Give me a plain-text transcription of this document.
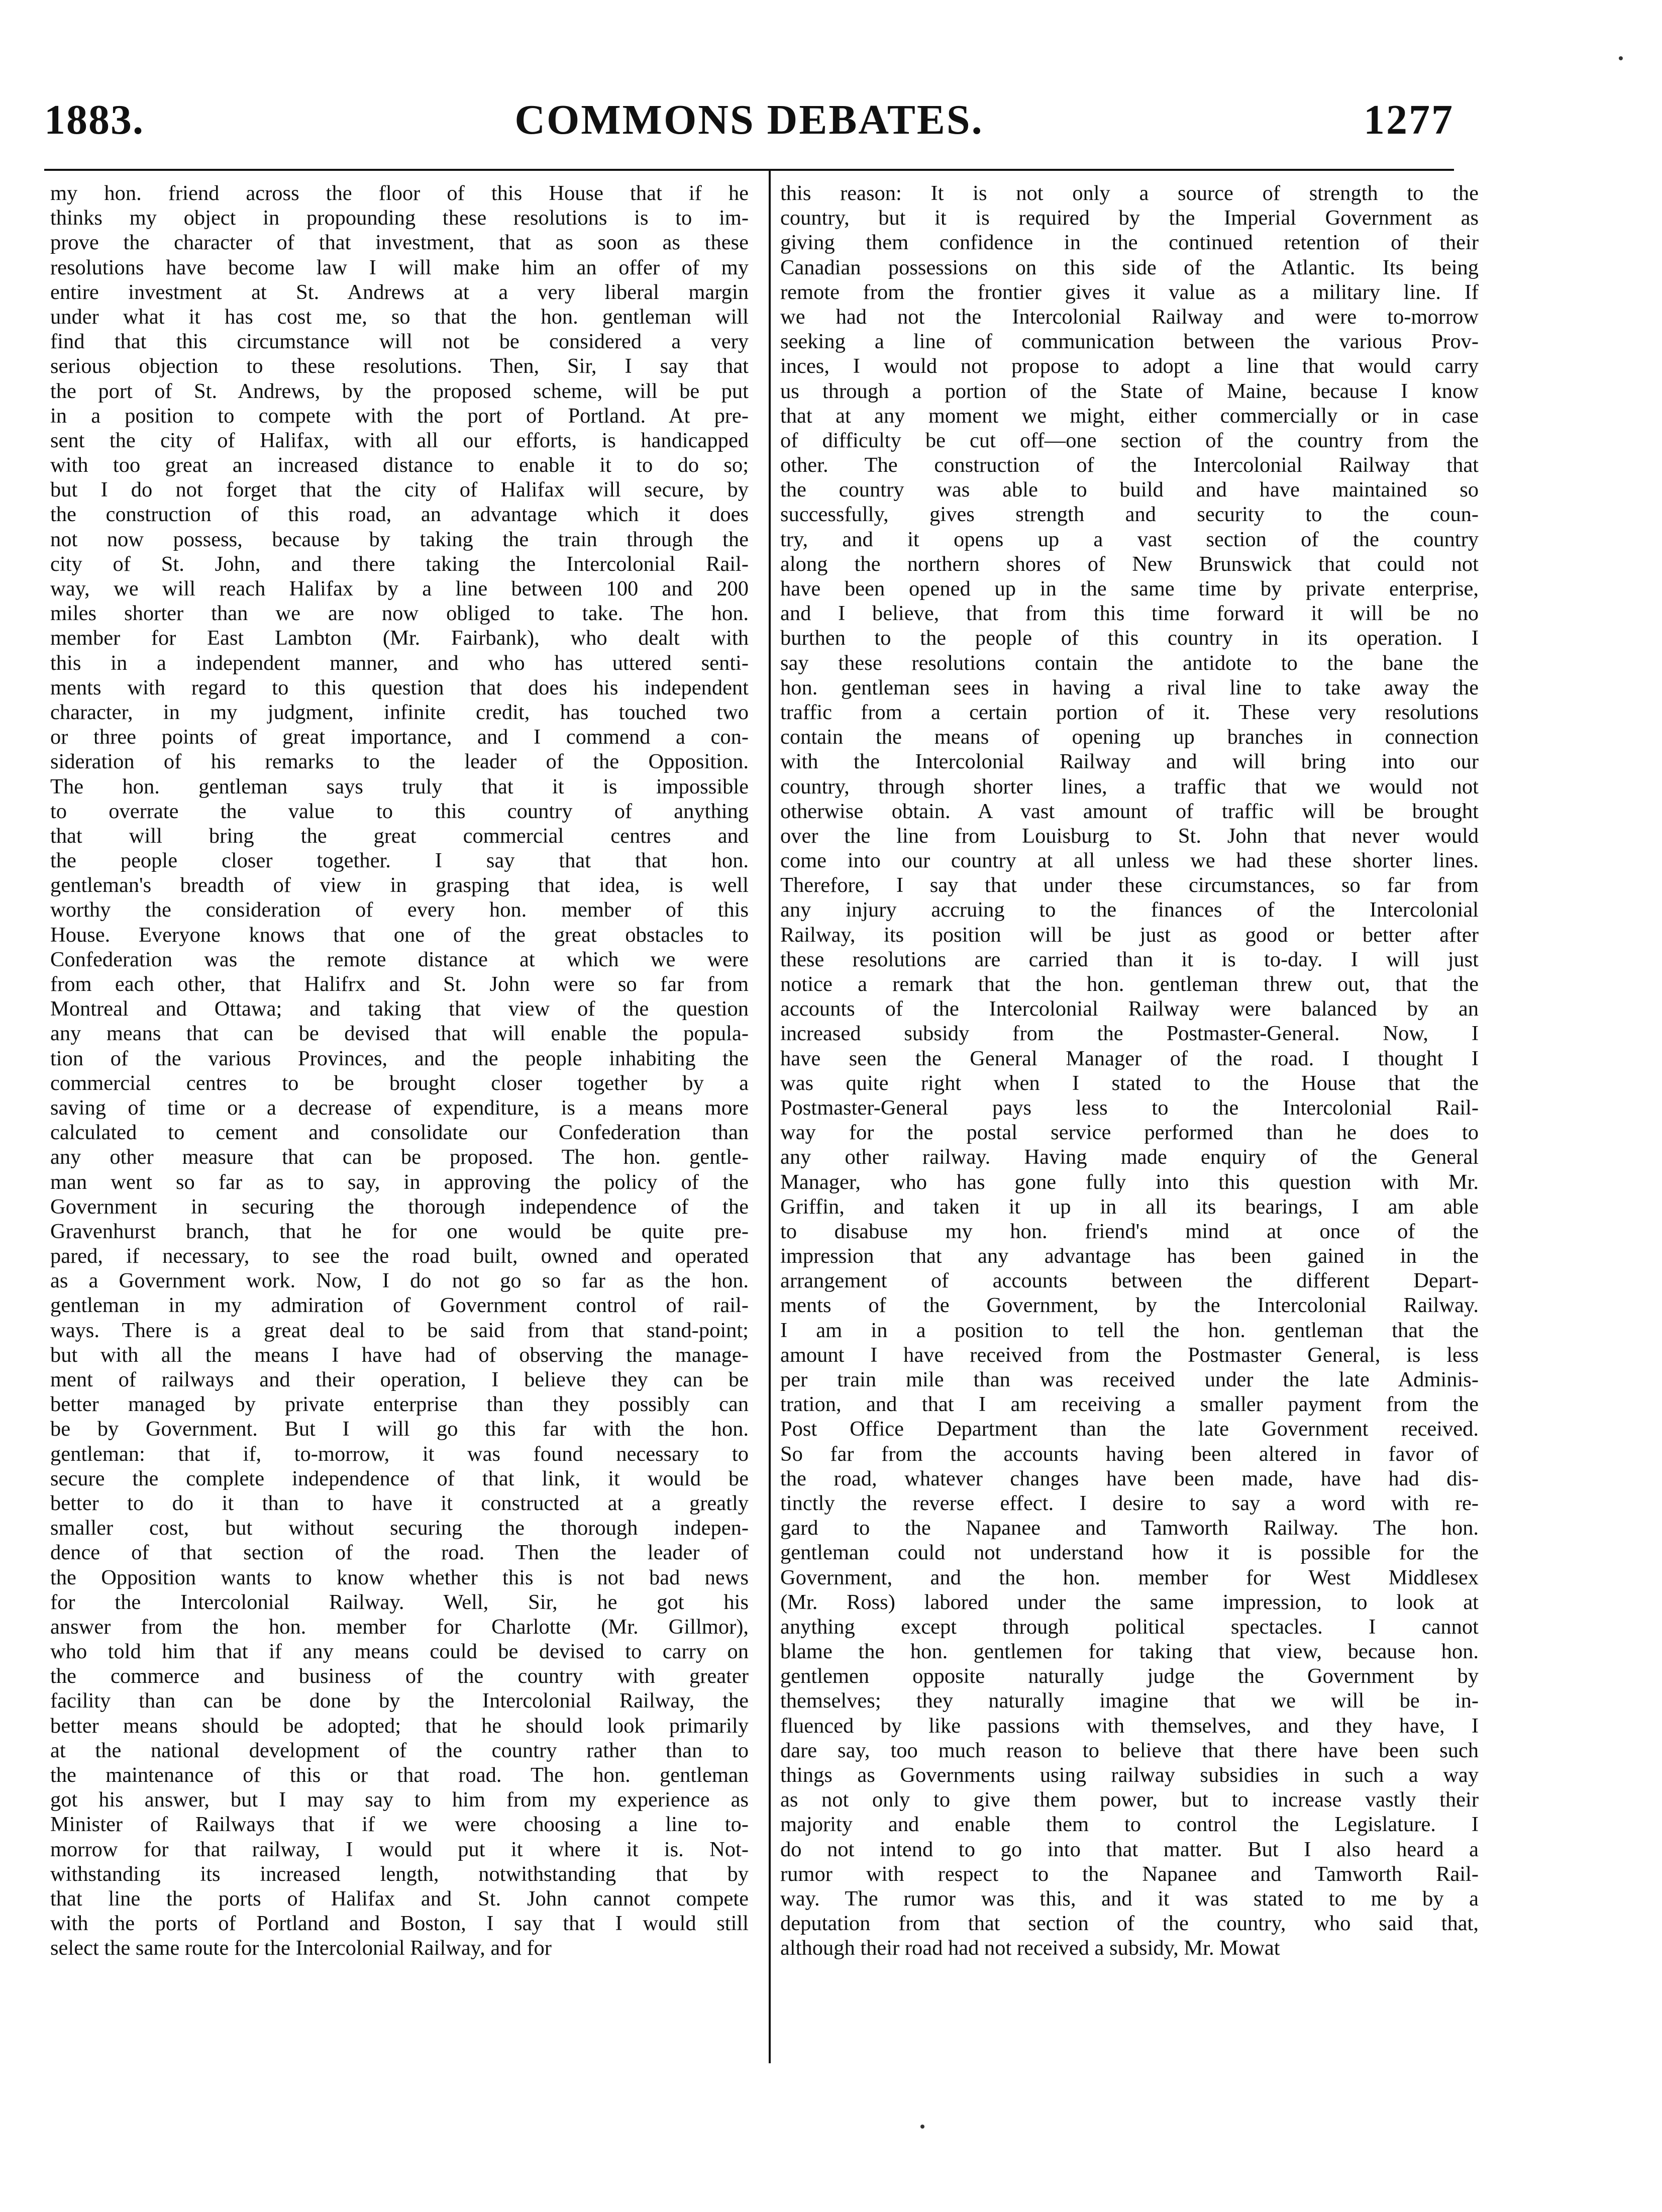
1883.	COMMONS DEBATES.	1277
my hon. friend across the floor of this House that if he
thinks my object in propounding these resolutions is to im-
prove the character of that investment, that as soon as these
resolutions have become law I will make him an offer of my
entire investment at St. Andrews at a very liberal margin
under what it has cost me, so that the hon. gentleman will
find that this circumstance will not be considered a very
serious objection to these resolutions. Then, Sir, I say that
the port of St. Andrews, by the proposed scheme, will be put
in a position to compete with the port of Portland. At pre-
sent the city of Halifax, with all our efforts, is handicapped
with too great an increased distance to enable it to do so;
but I do not forget that the city of Halifax will secure, by
the construction of this road, an advantage which it does
not now possess, because by taking the train through the
city of St. John, and there taking the Intercolonial Rail-
way, we will reach Halifax by a line between 100 and 200
miles shorter than we are now obliged to take. The hon.
member for East Lambton (Mr. Fairbank), who dealt with
this in a independent manner, and who has uttered senti-
ments with regard to this question that does his independent
character, in my judgment, infinite credit, has touched two
or three points of great importance, and I commend a con-
sideration of his remarks to the leader of the Opposition.
The hon. gentleman says truly that it is impossible
to overrate the value to this country of anything
that will bring the great commercial centres and
the people closer together. I say that that hon.
gentleman's breadth of view in grasping that idea, is well
worthy the consideration of every hon. member of this
House. Everyone knows that one of the great obstacles to
Confederation was the remote distance at which we were
from each other, that Halifrx and St. John were so far from
Montreal and Ottawa; and taking that view of the question
any means that can be devised that will enable the popula-
tion of the various Provinces, and the people inhabiting the
commercial centres to be brought closer together by a
saving of time or a decrease of expenditure, is a means more
calculated to cement and consolidate our Confederation than
any other measure that can be proposed. The hon. gentle-
man went so far as to say, in approving the policy of the
Government in securing the thorough independence of the
Gravenhurst branch, that he for one would be quite pre-
pared, if necessary, to see the road built, owned and operated
as a Government work. Now, I do not go so far as the hon.
gentleman in my admiration of Government control of rail-
ways. There is a great deal to be said from that stand-point;
but with all the means I have had of observing the manage-
ment of railways and their operation, I believe they can be
better managed by private enterprise than they possibly can
be by Government. But I will go this far with the hon.
gentleman: that if, to-morrow, it was found necessary to
secure the complete independence of that link, it would be
better to do it than to have it constructed at a greatly
smaller cost, but without securing the thorough indepen-
dence of that section of the road. Then the leader of
the Opposition wants to know whether this is not bad news
for the Intercolonial Railway. Well, Sir, he got his
answer from the hon. member for Charlotte (Mr. Gillmor),
who told him that if any means could be devised to carry on
the commerce and business of the country with greater
facility than can be done by the Intercolonial Railway, the
better means should be adopted; that he should look primarily
at the national development of the country rather than to
the maintenance of this or that road. The hon. gentleman
got his answer, but I may say to him from my experience as
Minister of Railways that if we were choosing a line to-
morrow for that railway, I would put it where it is. Not-
withstanding its increased length, notwithstanding that by
that line the ports of Halifax and St. John cannot compete
with the ports of Portland and Boston, I say that I would still
select the same route for the Intercolonial Railway, and for
this reason: It is not only a source of strength to the
country, but it is required by the Imperial Government as
giving them confidence in the continued retention of their
Canadian possessions on this side of the Atlantic. Its being
remote from the frontier gives it value as a military line. If
we had not the Intercolonial Railway and were to-morrow
seeking a line of communication between the various Prov-
inces, I would not propose to adopt a line that would carry
us through a portion of the State of Maine, because I know
that at any moment we might, either commercially or in case
of difficulty be cut off—one section of the country from the
other. The construction of the Intercolonial Railway that
the country was able to build and have maintained so
successfully, gives strength and security to the coun-
try, and it opens up a vast section of the country
along the northern shores of New Brunswick that could not
have been opened up in the same time by private enterprise,
and I believe, that from this time forward it will be no
burthen to the people of this country in its operation. I
say these resolutions contain the antidote to the bane the
hon. gentleman sees in having a rival line to take away the
traffic from a certain portion of it. These very resolutions
contain the means of opening up branches in connection
with the Intercolonial Railway and will bring into our
country, through shorter lines, a traffic that we would not
otherwise obtain. A vast amount of traffic will be brought
over the line from Louisburg to St. John that never would
come into our country at all unless we had these shorter lines.
Therefore, I say that under these circumstances, so far from
any injury accruing to the finances of the Intercolonial
Railway, its position will be just as good or better after
these resolutions are carried than it is to-day. I will just
notice a remark that the hon. gentleman threw out, that the
accounts of the Intercolonial Railway were balanced by an
increased subsidy from the Postmaster-General. Now, I
have seen the General Manager of the road. I thought I
was quite right when I stated to the House that the
Postmaster-General pays less to the Intercolonial Rail-
way for the postal service performed than he does to
any other railway. Having made enquiry of the General
Manager, who has gone fully into this question with Mr.
Griffin, and taken it up in all its bearings, I am able
to disabuse my hon. friend's mind at once of the
impression that any advantage has been gained in the
arrangement of accounts between the different Depart-
ments of the Government, by the Intercolonial Railway.
I am in a position to tell the hon. gentleman that the
amount I have received from the Postmaster General, is less
per train mile than was received under the late Adminis-
tration, and that I am receiving a smaller payment from the
Post Office Department than the late Government received.
So far from the accounts having been altered in favor of
the road, whatever changes have been made, have had dis-
tinctly the reverse effect. I desire to say a word with re-
gard to the Napanee and Tamworth Railway. The hon.
gentleman could not understand how it is possible for the
Government, and the hon. member for West Middlesex
(Mr. Ross) labored under the same impression, to look at
anything except through political spectacles. I cannot
blame the hon. gentlemen for taking that view, because hon.
gentlemen opposite naturally judge the Government by
themselves; they naturally imagine that we will be in-
fluenced by like passions with themselves, and they have, I
dare say, too much reason to believe that there have been such
things as Governments using railway subsidies in such a way
as not only to give them power, but to increase vastly their
majority and enable them to control the Legislature. I
do not intend to go into that matter. But I also heard a
rumor with respect to the Napanee and Tamworth Rail-
way. The rumor was this, and it was stated to me by a
deputation from that section of the country, who said that,
although their road had not received a subsidy, Mr. Mowat
